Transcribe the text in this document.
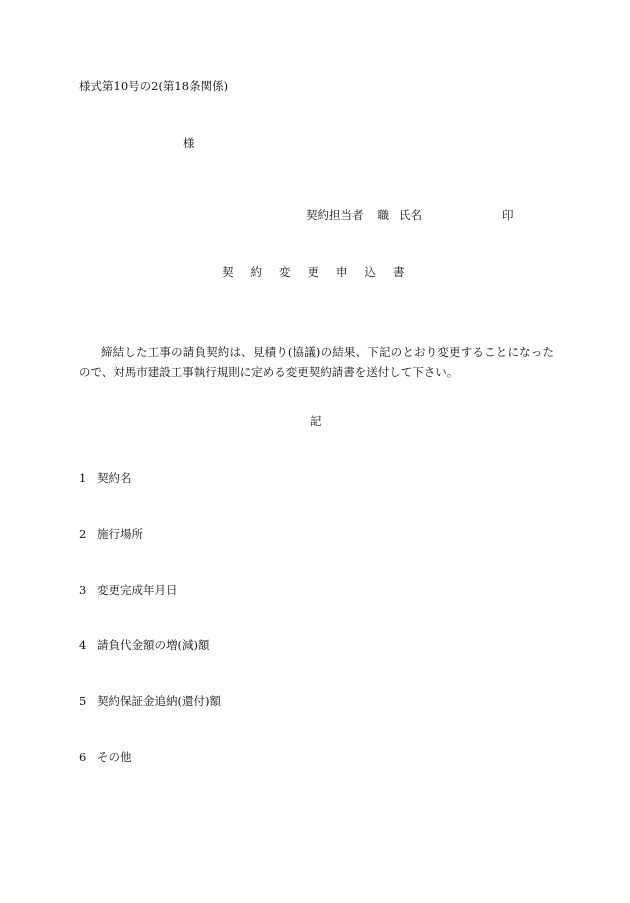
様式第10号の2(第18条関係)
様
契約担当者 職 氏名	印
契約変更申込書
締結した工事の請負契約は、見積り(協議)の結果、下記のとおり変更することになったので、対馬市建設工事執行規則に定める変更契約請書を送付して下さい。
記
1 契約名
2 施行場所
3 変更完成年月日
4 請負代金額の増(減)額
5 契約保証金追納(還付)額
6 その他
